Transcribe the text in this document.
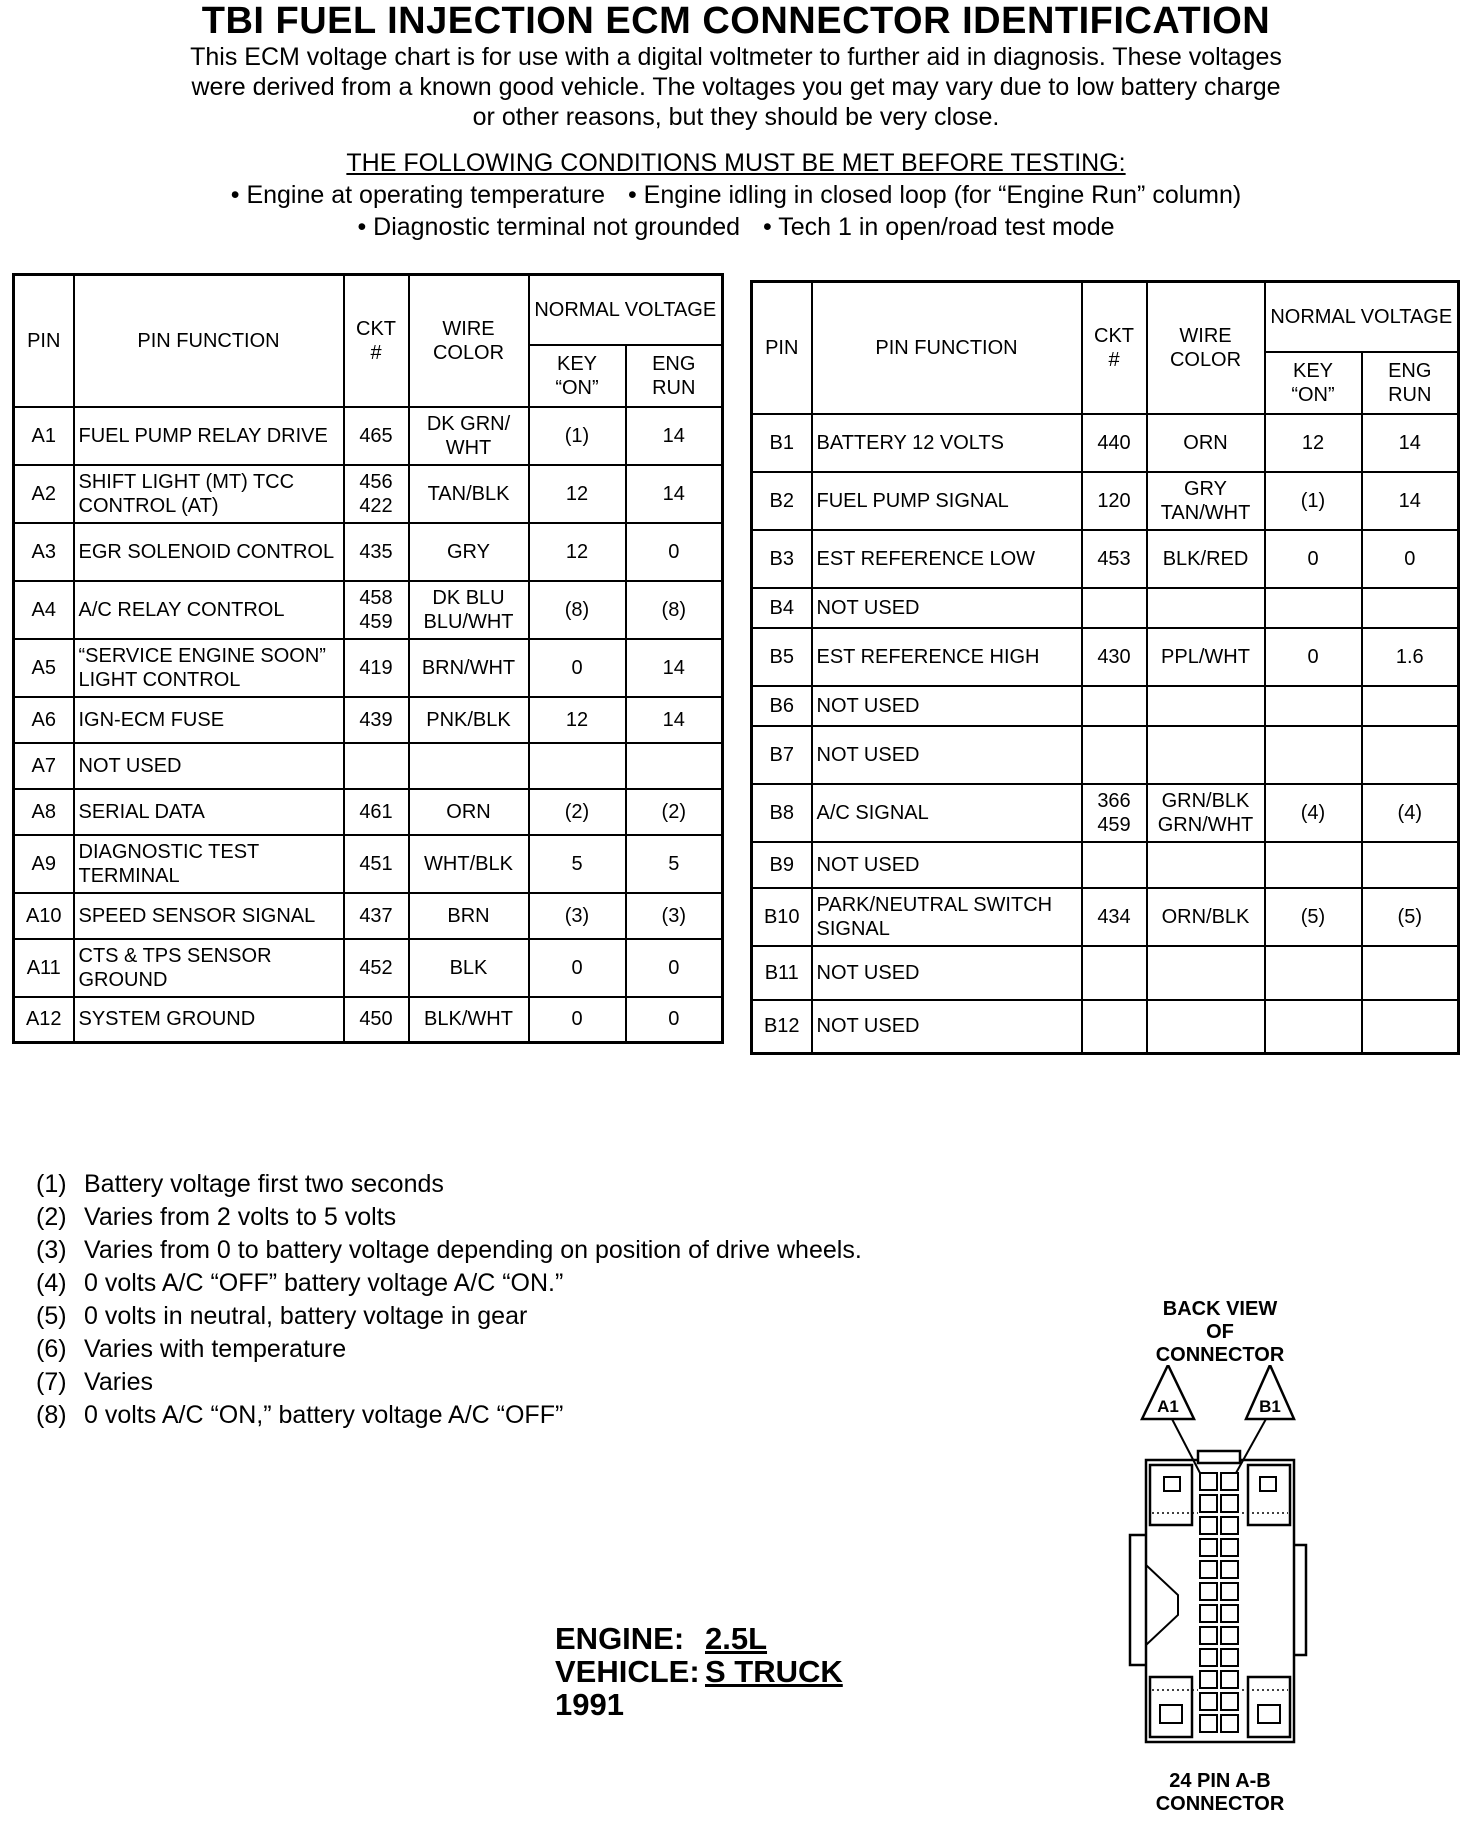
TBI FUEL INJECTION ECM CONNECTOR IDENTIFICATION
This ECM voltage chart is for use with a digital voltmeter to further aid in diagnosis. These voltages
were derived from a known good vehicle. The voltages you get may vary due to low battery charge
or other reasons, but they should be very close.
THE FOLLOWING CONDITIONS MUST BE MET BEFORE TESTING:
• Engine at operating temperature • Engine idling in closed loop (for “Engine Run” column)
• Diagnostic terminal not grounded • Tech 1 in open/road test mode
PIN	PIN FUNCTION	CKT #	WIRE COLOR	NORMAL VOLTAGE	
				KEY “ON”	ENG RUN
A1	FUEL PUMP RELAY DRIVE	465	DK GRN/ WHT	(1)	14
A2	SHIFT LIGHT (MT) TCC CONTROL (AT)	456 422	TAN/BLK	12	14
A3	EGR SOLENOID CONTROL	435	GRY	12	0
A4	A/C RELAY CONTROL	458 459	DK BLU BLU/WHT	(8)	(8)
A5	“SERVICE ENGINE SOON” LIGHT CONTROL	419	BRN/WHT	0	14
A6	IGN-ECM FUSE	439	PNK/BLK	12	14
A7	NOT USED				
A8	SERIAL DATA	461	ORN	(2)	(2)
A9	DIAGNOSTIC TEST TERMINAL	451	WHT/BLK	5	5
A10	SPEED SENSOR SIGNAL	437	BRN	(3)	(3)
A11	CTS & TPS SENSOR GROUND	452	BLK	0	0
A12	SYSTEM GROUND	450	BLK/WHT	0	0
PIN	PIN FUNCTION	CKT #	WIRE COLOR	NORMAL VOLTAGE	
				KEY “ON”	ENG RUN
B1	BATTERY 12 VOLTS	440	ORN	12	14
B2	FUEL PUMP SIGNAL	120	GRY TAN/WHT	(1)	14
B3	EST REFERENCE LOW	453	BLK/RED	0	0
B4	NOT USED				
B5	EST REFERENCE HIGH	430	PPL/WHT	0	1.6
B6	NOT USED				
B7	NOT USED				
B8	A/C SIGNAL	366 459	GRN/BLK GRN/WHT	(4)	(4)
B9	NOT USED				
B10	PARK/NEUTRAL SWITCH SIGNAL	434	ORN/BLK	(5)	(5)
B11	NOT USED				
B12	NOT USED				
(1) Battery voltage first two seconds
(2) Varies from 2 volts to 5 volts
(3) Varies from 0 to battery voltage depending on position of drive wheels.
(4) 0 volts A/C “OFF” battery voltage A/C “ON.”
(5) 0 volts in neutral, battery voltage in gear
(6) Varies with temperature
(7) Varies
(8) 0 volts A/C “ON,” battery voltage A/C “OFF”
ENGINE: 2.5L
VEHICLE: S TRUCK
1991
BACK VIEW
OF
CONNECTOR
A1	B1
24 PIN A-B
CONNECTOR
